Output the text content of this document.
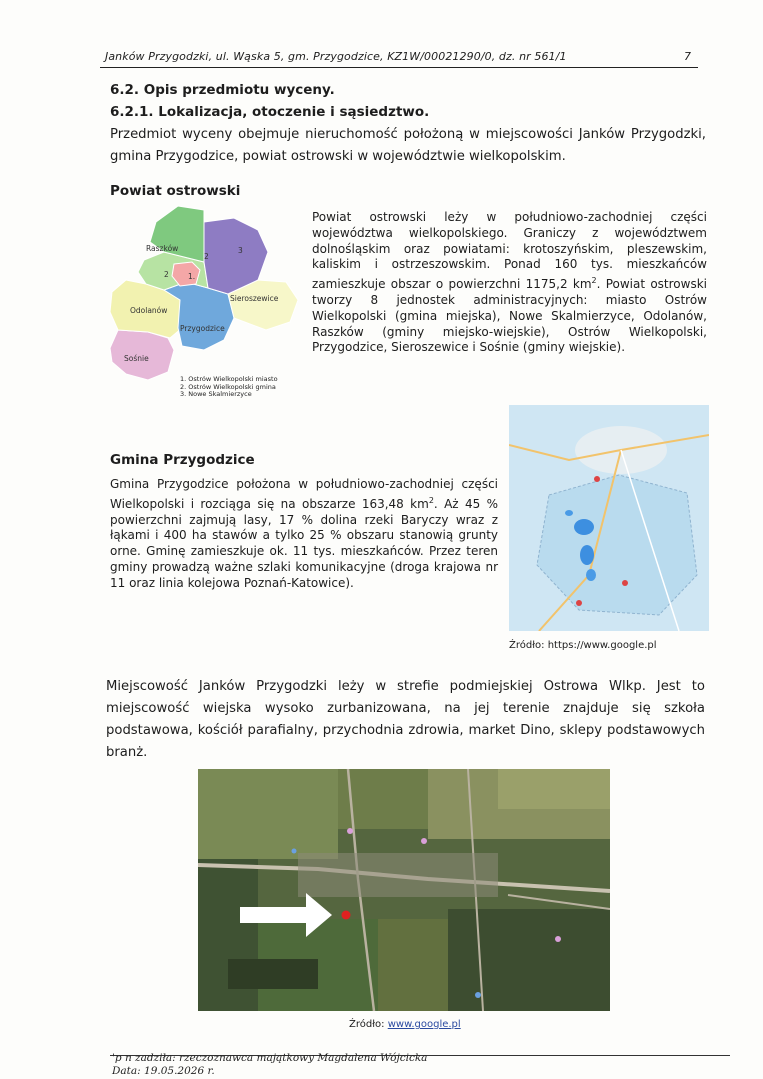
Janków Przygodzki, ul. Wąska 5, gm. Przygodzice, KZ1W/00021290/0, dz. nr 561/1	7
6.2. Opis przedmiotu wyceny.
6.2.1. Lokalizacja, otoczenie i sąsiedztwo.
Przedmiot wyceny obejmuje nieruchomość położoną w miejscowości Janków Przygodzki, gmina Przygodzice, powiat ostrowski w województwie wielkopolskim.
Powiat ostrowski
Raszków
2
3
2	1.
Odolanów
Sieroszewice
Przygodzice
Sośnie
1. Ostrów Wielkopolski miasto
2. Ostrów Wielkopolski gmina
3. Nowe Skalmierzyce
Powiat ostrowski leży w południowo-zachodniej części województwa wielkopolskiego. Graniczy z województwem dolnośląskim oraz powiatami: krotoszyńskim, pleszewskim, kaliskim i ostrzeszowskim. Ponad 160 tys. mieszkańców zamieszkuje obszar o powierzchni 1175,2 $km^2$. Powiat ostrowski tworzy 8 jednostek administracyjnych: miasto Ostrów Wielkopolski (gmina miejska), Nowe Skalmierzyce, Odolanów, Raszków (gminy miejsko-wiejskie), Ostrów Wielkopolski, Przygodzice, Sieroszewice i Sośnie (gminy wiejskie).
Gmina Przygodzice
Gmina Przygodzice położona w południowo-zachodniej części Wielkopolski i rozciąga się na obszarze 163,48 $km^2$. Aż 45 % powierzchni zajmują lasy, 17 % dolina rzeki Baryczy wraz z łąkami i 400 ha stawów a tylko 25 % obszaru stanowią grunty orne. Gminę zamieszkuje ok. 11 tys. mieszkańców. Przez teren gminy prowadzą ważne szlaki komunikacyjne (droga krajowa nr 11 oraz linia kolejowa Poznań-Katowice).
Źródło: https://www.google.pl
Miejscowość Janków Przygodzki leży w strefie podmiejskiej Ostrowa Wlkp. Jest to miejscowość wiejska wysoko zurbanizowana, na jej terenie znajduje się szkoła podstawowa, kościół parafialny, przychodnia zdrowia, market Dino, sklepy podstawowych branż.
Źródło: www.google.pl
'p n zadziła: rzeczoznawca majątkowy Magdalena Wójcicka
Data: 19.05.2026 r.
